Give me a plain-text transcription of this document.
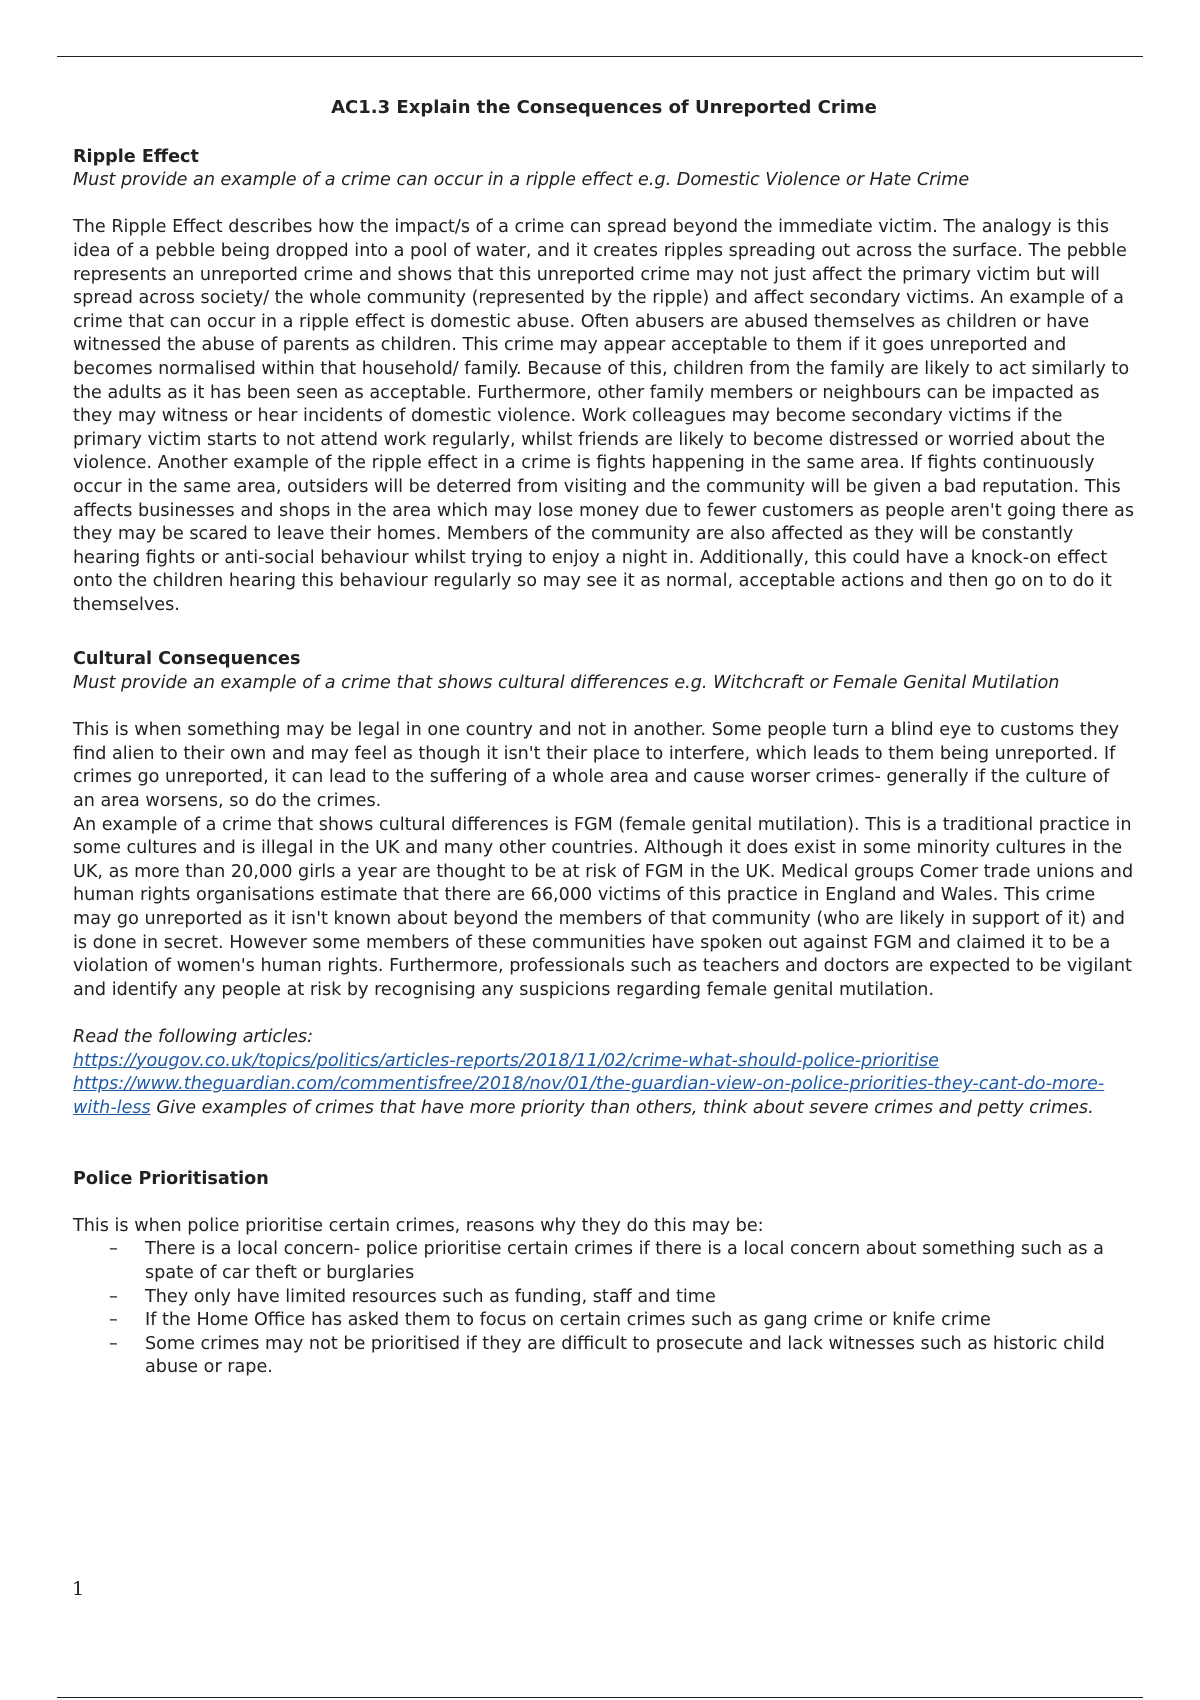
AC1.3 Explain the Consequences of Unreported Crime
Ripple Effect
Must provide an example of a crime can occur in a ripple effect e.g. Domestic Violence or Hate Crime

The Ripple Effect describes how the impact/s of a crime can spread beyond the immediate victim. The analogy is this idea of a pebble being dropped into a pool of water, and it creates ripples spreading out across the surface. The pebble represents an unreported crime and shows that this unreported crime may not just affect the primary victim but will spread across society/ the whole community (represented by the ripple) and affect secondary victims. An example of a crime that can occur in a ripple effect is domestic abuse. Often abusers are abused themselves as children or have witnessed the abuse of parents as children. This crime may appear acceptable to them if it goes unreported and becomes normalised within that household/ family. Because of this, children from the family are likely to act similarly to the adults as it has been seen as acceptable. Furthermore, other family members or neighbours can be impacted as they may witness or hear incidents of domestic violence. Work colleagues may become secondary victims if the primary victim starts to not attend work regularly, whilst friends are likely to become distressed or worried about the violence. Another example of the ripple effect in a crime is fights happening in the same area. If fights continuously occur in the same area, outsiders will be deterred from visiting and the community will be given a bad reputation. This affects businesses and shops in the area which may lose money due to fewer customers as people aren't going there as they may be scared to leave their homes. Members of the community are also affected as they will be constantly hearing fights or anti-social behaviour whilst trying to enjoy a night in. Additionally, this could have a knock-on effect onto the children hearing this behaviour regularly so may see it as normal, acceptable actions and then go on to do it themselves.

Cultural Consequences
Must provide an example of a crime that shows cultural differences e.g. Witchcraft or Female Genital Mutilation

This is when something may be legal in one country and not in another. Some people turn a blind eye to customs they find alien to their own and may feel as though it isn't their place to interfere, which leads to them being unreported. If crimes go unreported, it can lead to the suffering of a whole area and cause worser crimes- generally if the culture of an area worsens, so do the crimes.

An example of a crime that shows cultural differences is FGM (female genital mutilation). This is a traditional practice in some cultures and is illegal in the UK and many other countries. Although it does exist in some minority cultures in the UK, as more than 20,000 girls a year are thought to be at risk of FGM in the UK. Medical groups Comer trade unions and human rights organisations estimate that there are 66,000 victims of this practice in England and Wales. This crime may go unreported as it isn't known about beyond the members of that community (who are likely in support of it) and is done in secret. However some members of these communities have spoken out against FGM and claimed it to be a violation of women's human rights. Furthermore, professionals such as teachers and doctors are expected to be vigilant and identify any people at risk by recognising any suspicions regarding female genital mutilation.

Read the following articles:
https://yougov.co.uk/topics/politics/articles-reports/2018/11/02/crime-what-should-police-prioritise
https://www.theguardian.com/commentisfree/2018/nov/01/the-guardian-view-on-police-priorities-they-cant-do-more-with-less Give examples of crimes that have more priority than others, think about severe crimes and petty crimes.
Police Prioritisation
This is when police prioritise certain crimes, reasons why they do this may be:
– There is a local concern- police prioritise certain crimes if there is a local concern about something such as a spate of car theft or burglaries
– They only have limited resources such as funding, staff and time
– If the Home Office has asked them to focus on certain crimes such as gang crime or knife crime
– Some crimes may not be prioritised if they are difficult to prosecute and lack witnesses such as historic child abuse or rape.
1
